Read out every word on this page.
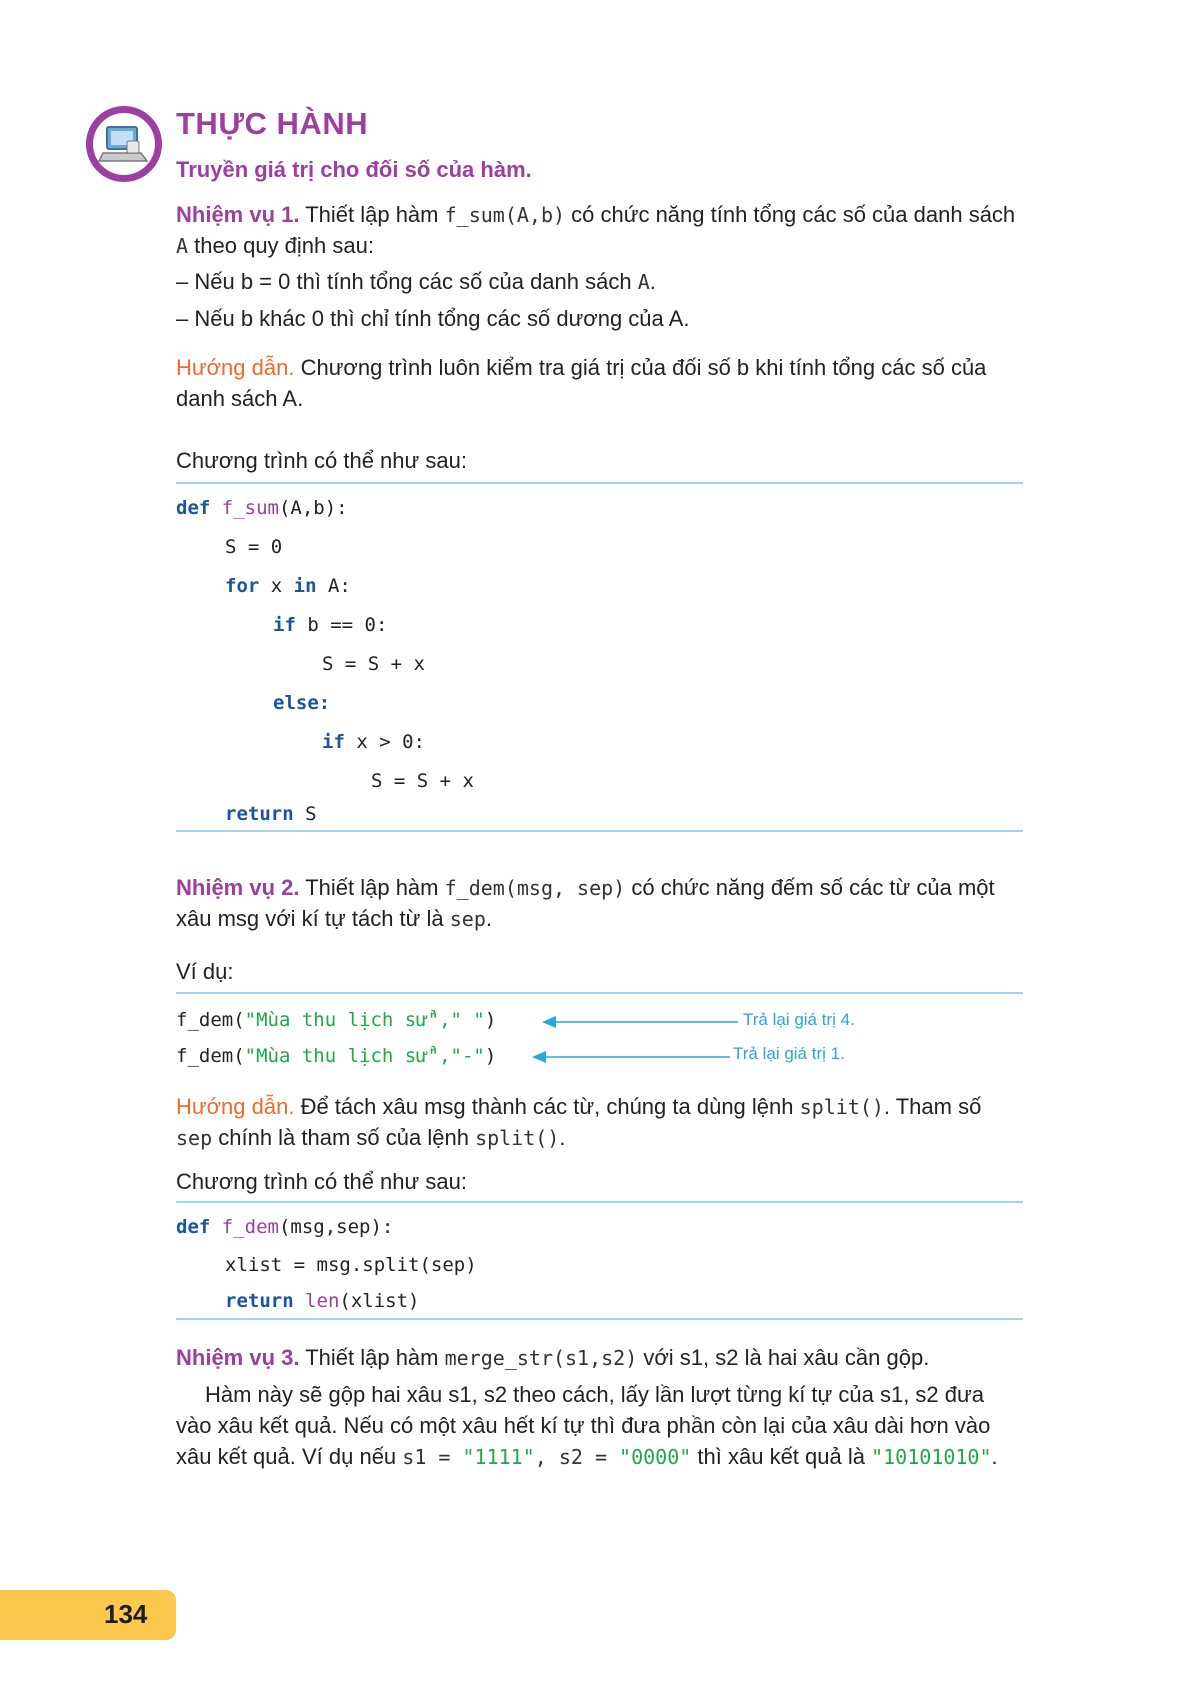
THỰC HÀNH
Truyền giá trị cho đối số của hàm.
Nhiệm vụ 1. Thiết lập hàm f_sum(A,b) có chức năng tính tổng các số của danh sách
A theo quy định sau:
– Nếu b = 0 thì tính tổng các số của danh sách A.
– Nếu b khác 0 thì chỉ tính tổng các số dương của A.
Hướng dẫn. Chương trình luôn kiểm tra giá trị của đối số b khi tính tổng các số của
danh sách A.
Chương trình có thể như sau:
def f_sum(A,b):
S = 0
for x in A:
if b == 0:
S = S + x
else:
if x > 0:
S = S + x
return S
Nhiệm vụ 2. Thiết lập hàm f_dem(msg, sep) có chức năng đếm số các từ của một
xâu msg với kí tự tách từ là sep.
Ví dụ:
f_dem("Mùa thu lịch sử"," ")	Trả lại giá trị 4.
f_dem("Mùa thu lịch sử","-")	Trả lại giá trị 1.
Hướng dẫn. Để tách xâu msg thành các từ, chúng ta dùng lệnh split(). Tham số
sep chính là tham số của lệnh split().
Chương trình có thể như sau:
def f_dem(msg,sep):
xlist = msg.split(sep)
return len(xlist)
Nhiệm vụ 3. Thiết lập hàm merge_str(s1,s2) với s1, s2 là hai xâu cần gộp.
Hàm này sẽ gộp hai xâu s1, s2 theo cách, lấy lần lượt từng kí tự của s1, s2 đưa
vào xâu kết quả. Nếu có một xâu hết kí tự thì đưa phần còn lại của xâu dài hơn vào
xâu kết quả. Ví dụ nếu s1 = "1111", s2 = "0000" thì xâu kết quả là "10101010".
134
